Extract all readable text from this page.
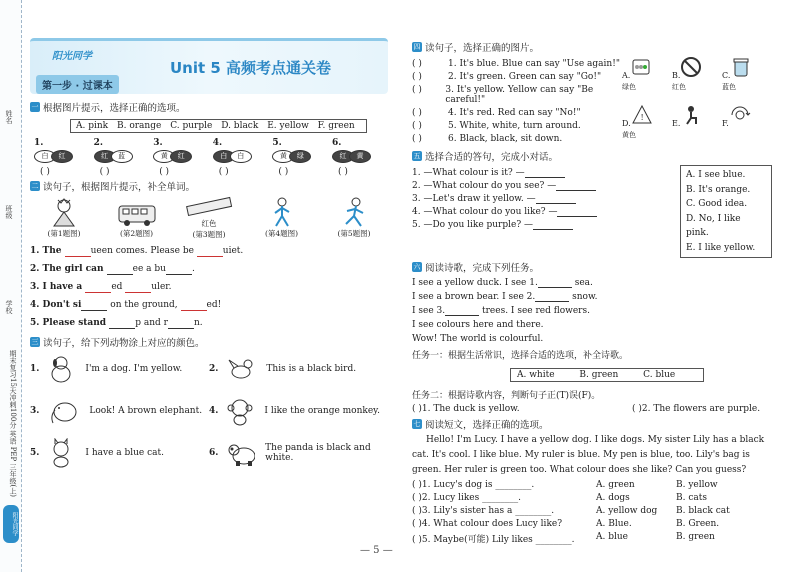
姓名
班级
学校
期末复习15天冲刺100分 英语 PEP 三年级(上)
阳光同学
阳光同学
第一步 · 过课本
Unit 5 高频考点通关卷
一 根据图片提示，选择正确的选项。
A. pink B. orange C. purple D. black E. yellow F. green
1.
白	红
( )
2.
红	蓝
( )
3.
黄	红
( )
4.
白	白
( )
5.
黄	绿
( )
6.
红	黄
( )
二 读句子，根据图片提示，补全单词。
(第1题图)	(第2题图)
红色
(第3题图)	(第4题图)	(第5题图)
1. The	ueen comes. Please be	uiet.
2. The girl can	ee a bu	.
3. I have a	ed	uler.
4. Don't si	on the ground,	ed!
5. Please stand	p and r	n.
三 读句子，给下列动物涂上对应的颜色。
1.	I'm a dog. I'm yellow.	2.	This is a black bird.
3.	Look! A brown elephant. 4.	I like the orange monkey.
5.	I have a blue cat.	6.	The panda is black and white.
四 读句子，选择正确的图片。
( )	1. It's blue. Blue can say "Use again!"
( )	2. It's green. Green can say "Go!"
( )	3. It's yellow. Yellow can say "Be careful!"
( )	4. It's red. Red can say "No!"
( )	5. White, white, turn around.
( )	6. Black, black, sit down.
A.
绿色
B.
红色
C.
蓝色
D.
!
黄色
E.	F.
五 选择合适的答句，完成小对话。
1. —What colour is it? —
2. —What colour do you see? —
3. —Let's draw it yellow. —
4. —What colour do you like? —
5. —Do you like purple? —
A. I see blue.
B. It's orange.
C. Good idea.
D. No, I like pink.
E. I like yellow.
六 阅读诗歌，完成下列任务。
I see a yellow duck. I see 1.	sea.
I see a brown bear. I see 2.	snow.
I see 3.	trees. I see red flowers.
I see colours here and there.
Wow! The world is colourful.
任务一：根据生活常识，选择合适的选项，补全诗歌。
A. white	B. green	C. blue
任务二：根据诗歌内容，判断句子正(T)误(F)。
( )1. The duck is yellow.	( )2. The flowers are purple.
七 阅读短文，选择正确的选项。
Hello! I'm Lucy. I have a yellow dog. I like dogs. My sister Lily has a black cat. It's cool. I like blue. My ruler is blue. My pen is blue, too. Lily's bag is green. Her ruler is green too. What colour does she like? Can you guess?
( )1. Lucy's dog is ________.	A. green	B. yellow
( )2. Lucy likes ________.	A. dogs	B. cats
( )3. Lily's sister has a ________.	A. yellow dog	B. black cat
( )4. What colour does Lucy like?	A. Blue.	B. Green.
( )5. Maybe(可能) Lily likes ________.	A. blue	B. green
— 5 —
